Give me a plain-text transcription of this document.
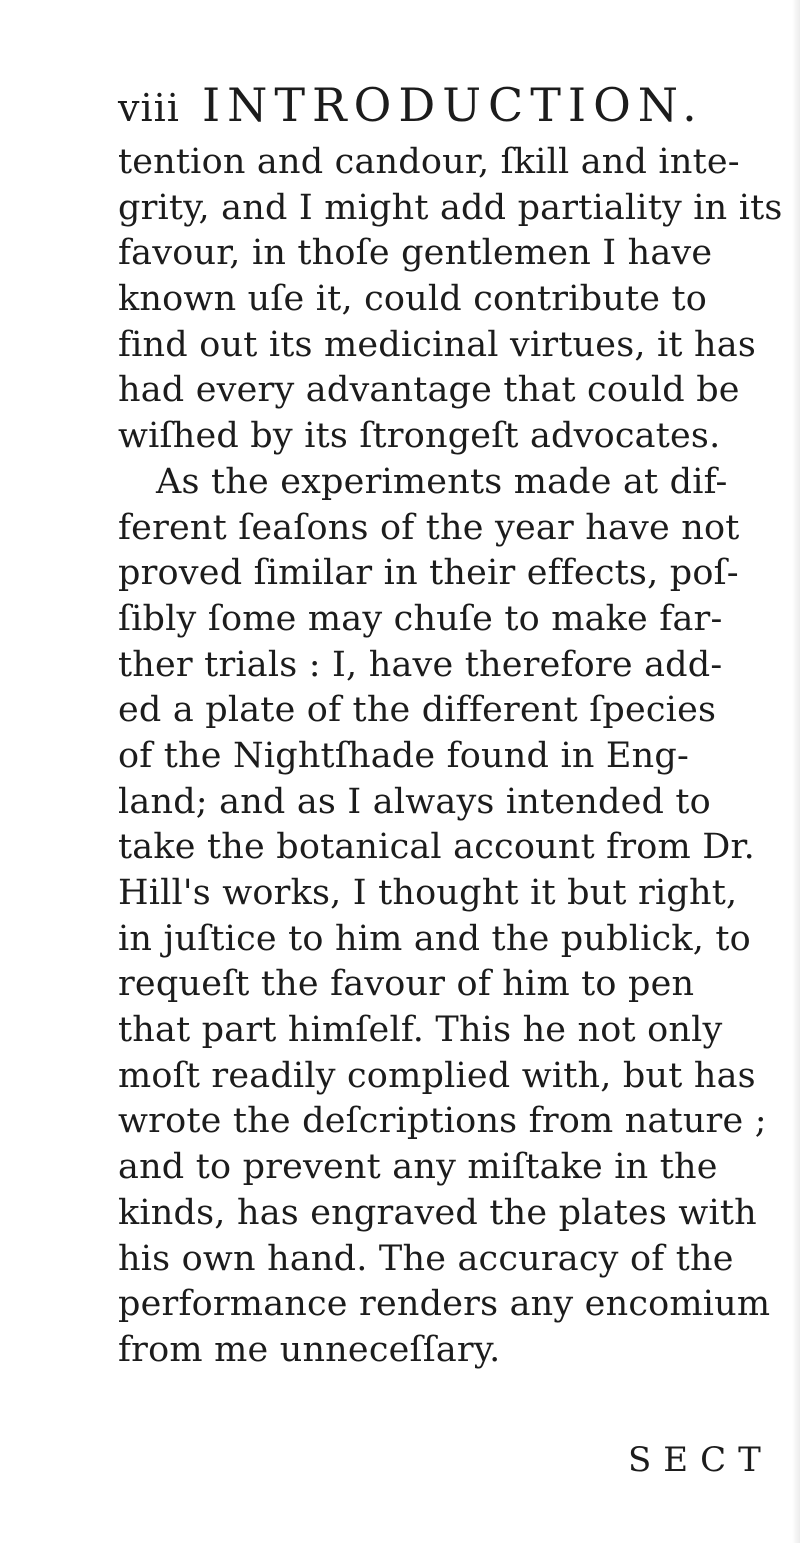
viii INTRODUCTION.
tention and candour, ſkill and inte-
grity, and I might add partiality in its
favour, in thoſe gentlemen I have
known uſe it, could contribute to
find out its medicinal virtues, it has
had every advantage that could be
wiſhed by its ſtrongeſt advocates.
As the experiments made at dif-
ferent ſeaſons of the year have not
proved ſimilar in their effects, poſ-
ſibly ſome may chuſe to make far-
ther trials : I, have therefore add-
ed a plate of the different ſpecies
of the Nightſhade found in Eng-
land; and as I always intended to
take the botanical account from Dr.
Hill's works, I thought it but right,
in juſtice to him and the publick, to
requeſt the favour of him to pen
that part himſelf. This he not only
moſt readily complied with, but has
wrote the deſcriptions from nature ;
and to prevent any miſtake in the
kinds, has engraved the plates with
his own hand. The accuracy of the
performance renders any encomium
from me unneceſſary.
SECT
